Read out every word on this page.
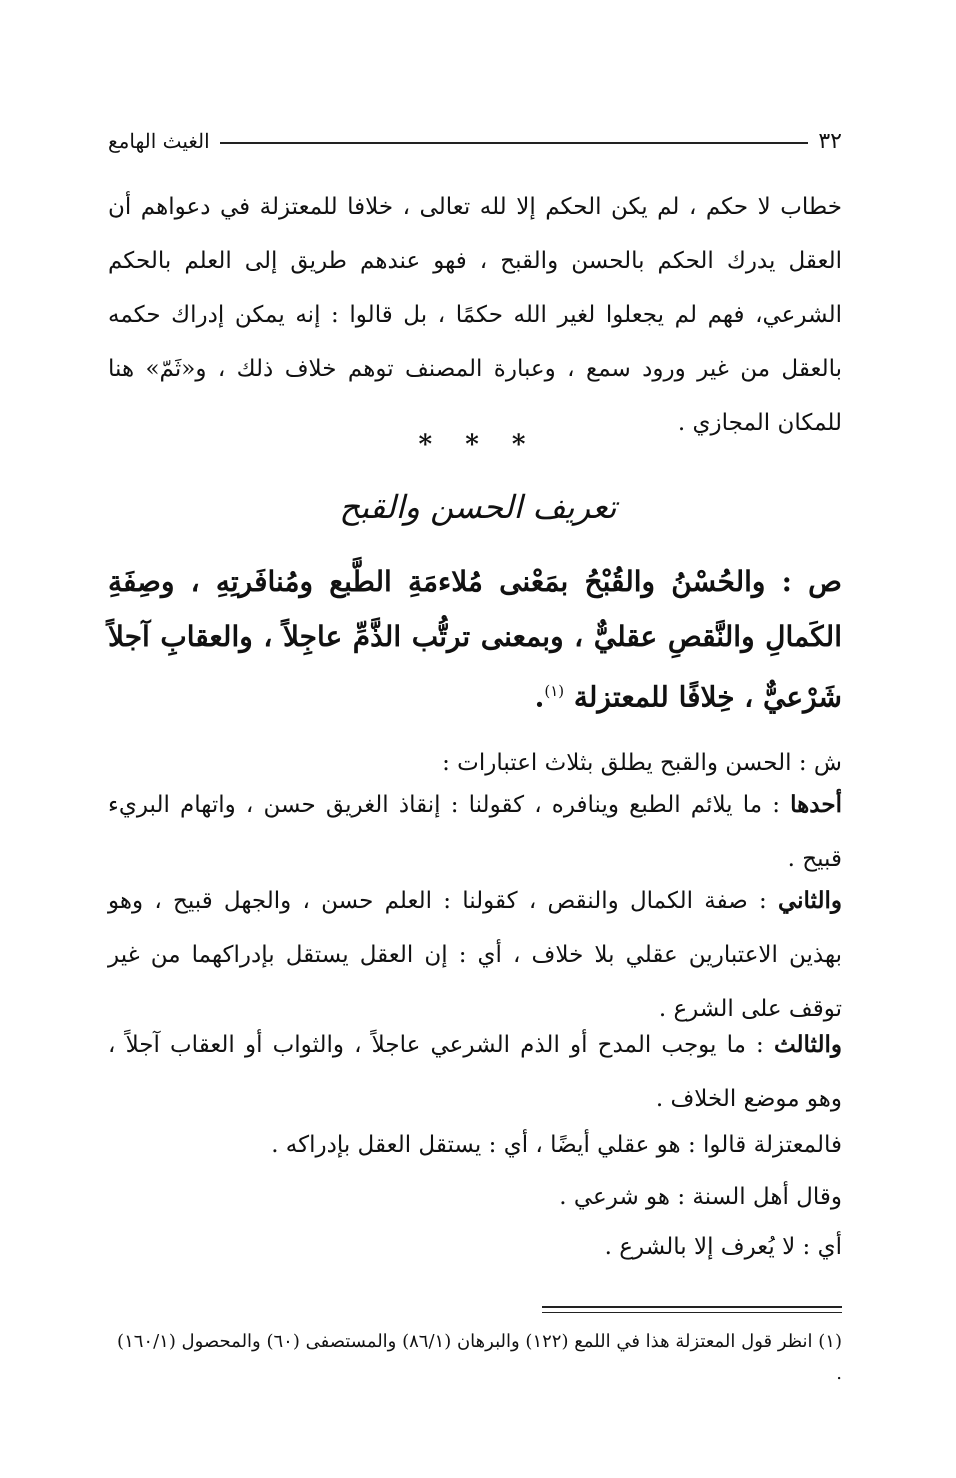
٣٢
الغيث الهامع

خطاب لا حكم ، لم يكن الحكم إلا لله تعالى ، خلافا للمعتزلة في دعواهم أن العقل يدرك الحكم بالحسن والقبح ، فهو عندهم طريق إلى العلم بالحكم الشرعي، فهم لم يجعلوا لغير الله حكمًا ، بل قالوا : إنه يمكن إدراك حكمه بالعقل من غير ورود سمع ، وعبارة المصنف توهم خلاف ذلك ، و«ثَمّ» هنا للمكان المجازي .

* * *
تعريف الحسن والقبح

ص : والحُسْنُ والقُبْحُ بمَعْنى مُلاءمَةِ الطَّبع ومُنافَرتِهِ ، وصِفَةِ الكَمالِ والنَّقصِ عقليٌّ ، وبمعنى ترتُّب الذَّمِّ عاجِلاً ، والعقابِ آجلاً شَرْعيٌّ ، خِلافًا للمعتزلة $^{(١)}$.

ش : الحسن والقبح يطلق بثلاث اعتبارات :

أحدها : ما يلائم الطبع وينافره ، كقولنا : إنقاذ الغريق حسن ، واتهام البريء قبيح .

والثاني : صفة الكمال والنقص ، كقولنا : العلم حسن ، والجهل قبيح ، وهو بهذين الاعتبارين عقلي بلا خلاف ، أي : إن العقل يستقل بإدراكهما من غير توقف على الشرع .

والثالث : ما يوجب المدح أو الذم الشرعي عاجلاً ، والثواب أو العقاب آجلاً ، وهو موضع الخلاف .

فالمعتزلة قالوا : هو عقلي أيضًا ، أي : يستقل العقل بإدراكه .

وقال أهل السنة : هو شرعي .

أي : لا يُعرف إلا بالشرع .

(١) انظر قول المعتزلة هذا في اللمع (١٢٢) والبرهان (٨٦/١) والمستصفى (٦٠) والمحصول (١٦٠/١) .
